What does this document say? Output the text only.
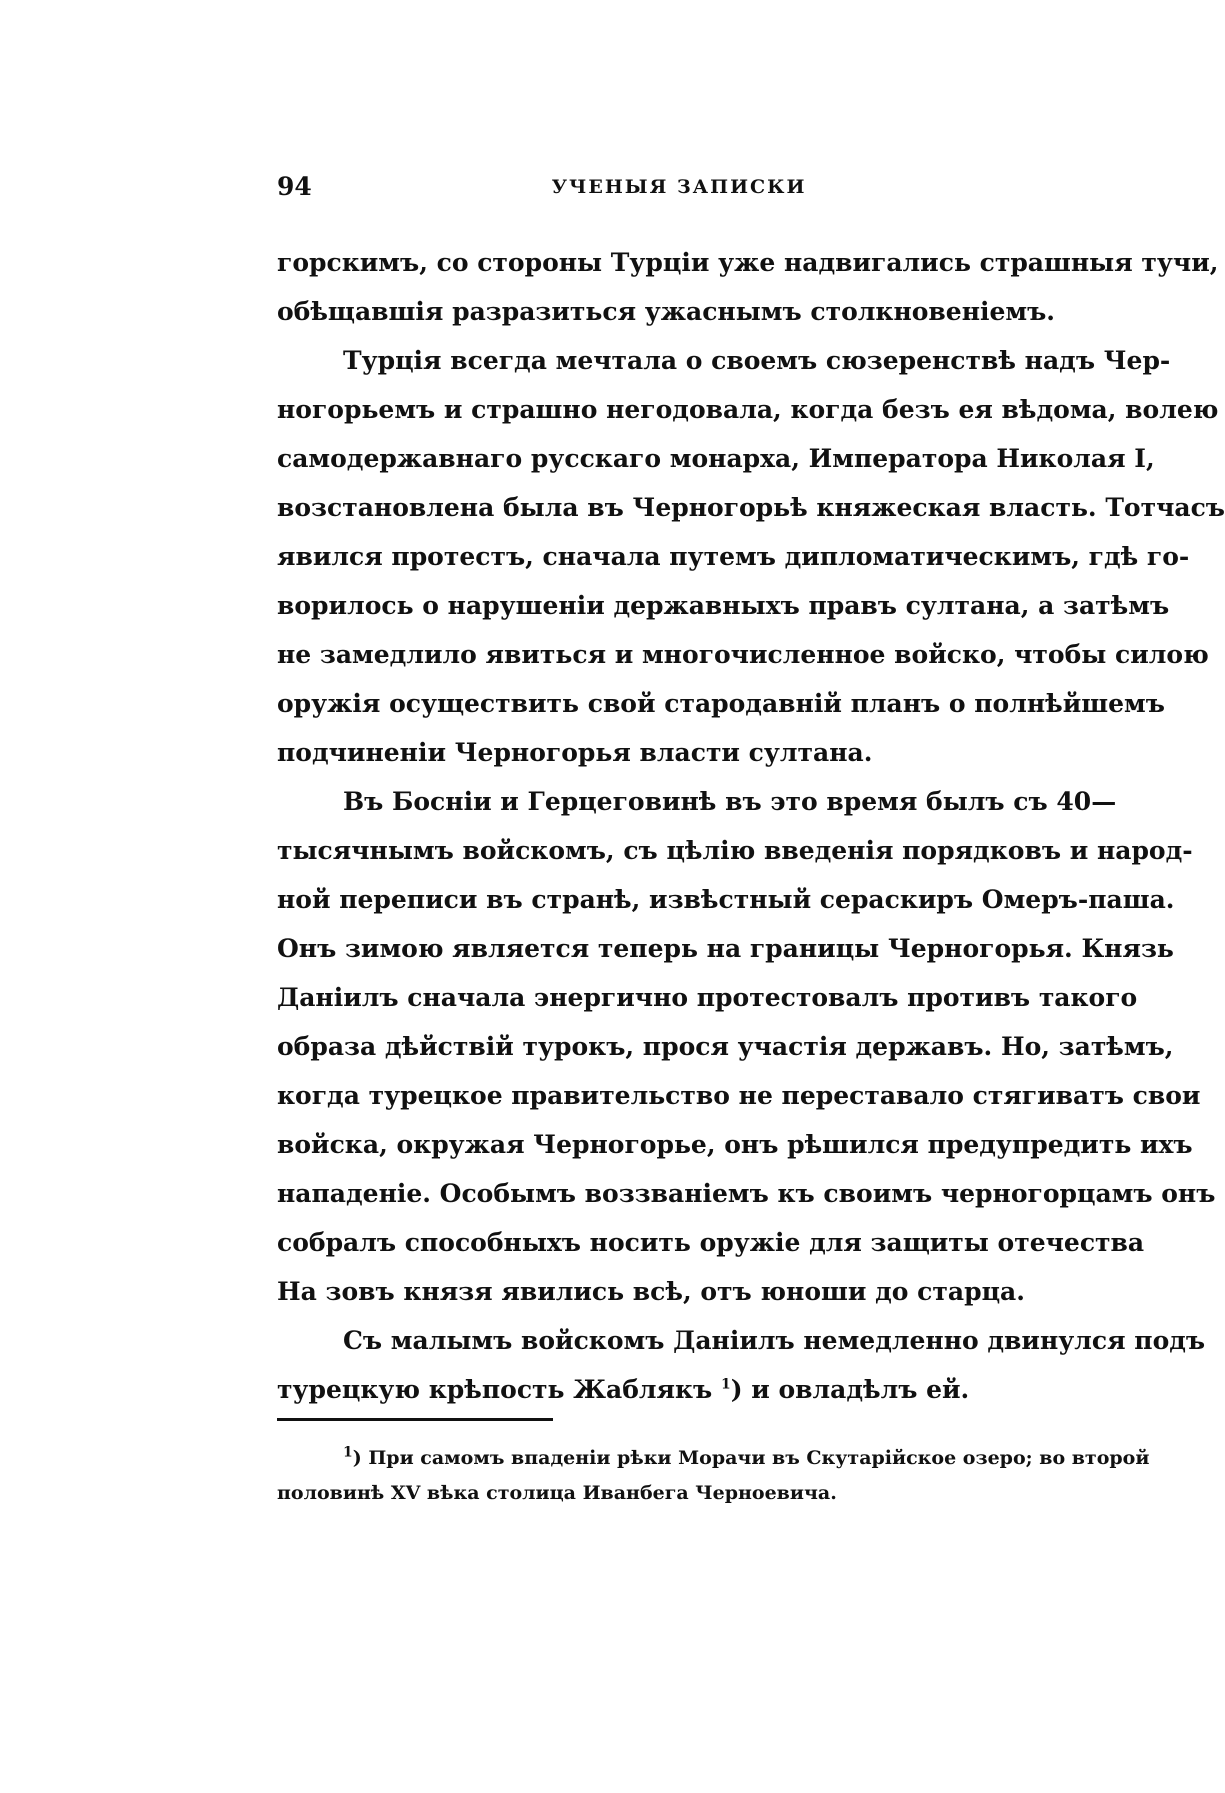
94	УЧЕНЫЯ ЗАПИСКИ
горскимъ, со стороны Турціи уже надвигались страшныя тучи,
обѣщавшія разразиться ужаснымъ столкновеніемъ.
Турція всегда мечтала о своемъ сюзеренствѣ надъ Чер-
ногорьемъ и страшно негодовала, когда безъ ея вѣдома, волею
самодержавнаго русскаго монарха, Императора Николая I,
возстановлена была въ Черногорьѣ княжеская власть. Тотчасъ
явился протестъ, сначала путемъ дипломатическимъ, гдѣ го-
ворилось о нарушеніи державныхъ правъ султана, а затѣмъ
не замедлило явиться и многочисленное войско, чтобы силою
оружія осуществить свой стародавній планъ о полнѣйшемъ
подчиненіи Черногорья власти султана.
Въ Босніи и Герцеговинѣ въ это время былъ съ 40—
тысячнымъ войскомъ, съ цѣлію введенія порядковъ и народ-
ной переписи въ странѣ, извѣстный сераскиръ Омеръ-паша.
Онъ зимою является теперь на границы Черногорья. Князь
Даніилъ сначала энергично протестовалъ противъ такого
образа дѣйствій турокъ, прося участія державъ. Но, затѣмъ,
когда турецкое правительство не переставало стягиватъ свои
войска, окружая Черногорье, онъ рѣшился предупредить ихъ
нападеніе. Особымъ воззваніемъ къ своимъ черногорцамъ онъ
собралъ способныхъ носить оружіе для защиты отечества
На зовъ князя явились всѣ, отъ юноши до старца.
Съ малымъ войскомъ Даніилъ немедленно двинулся подъ
турецкую крѣпость Жаблякъ $^1$) и овладѣлъ ей.
$^1$) При самомъ впаденіи рѣки Морачи въ Скутарійское озеро; во второй
половинѣ XV вѣка столица Иванбега Черноевича.
